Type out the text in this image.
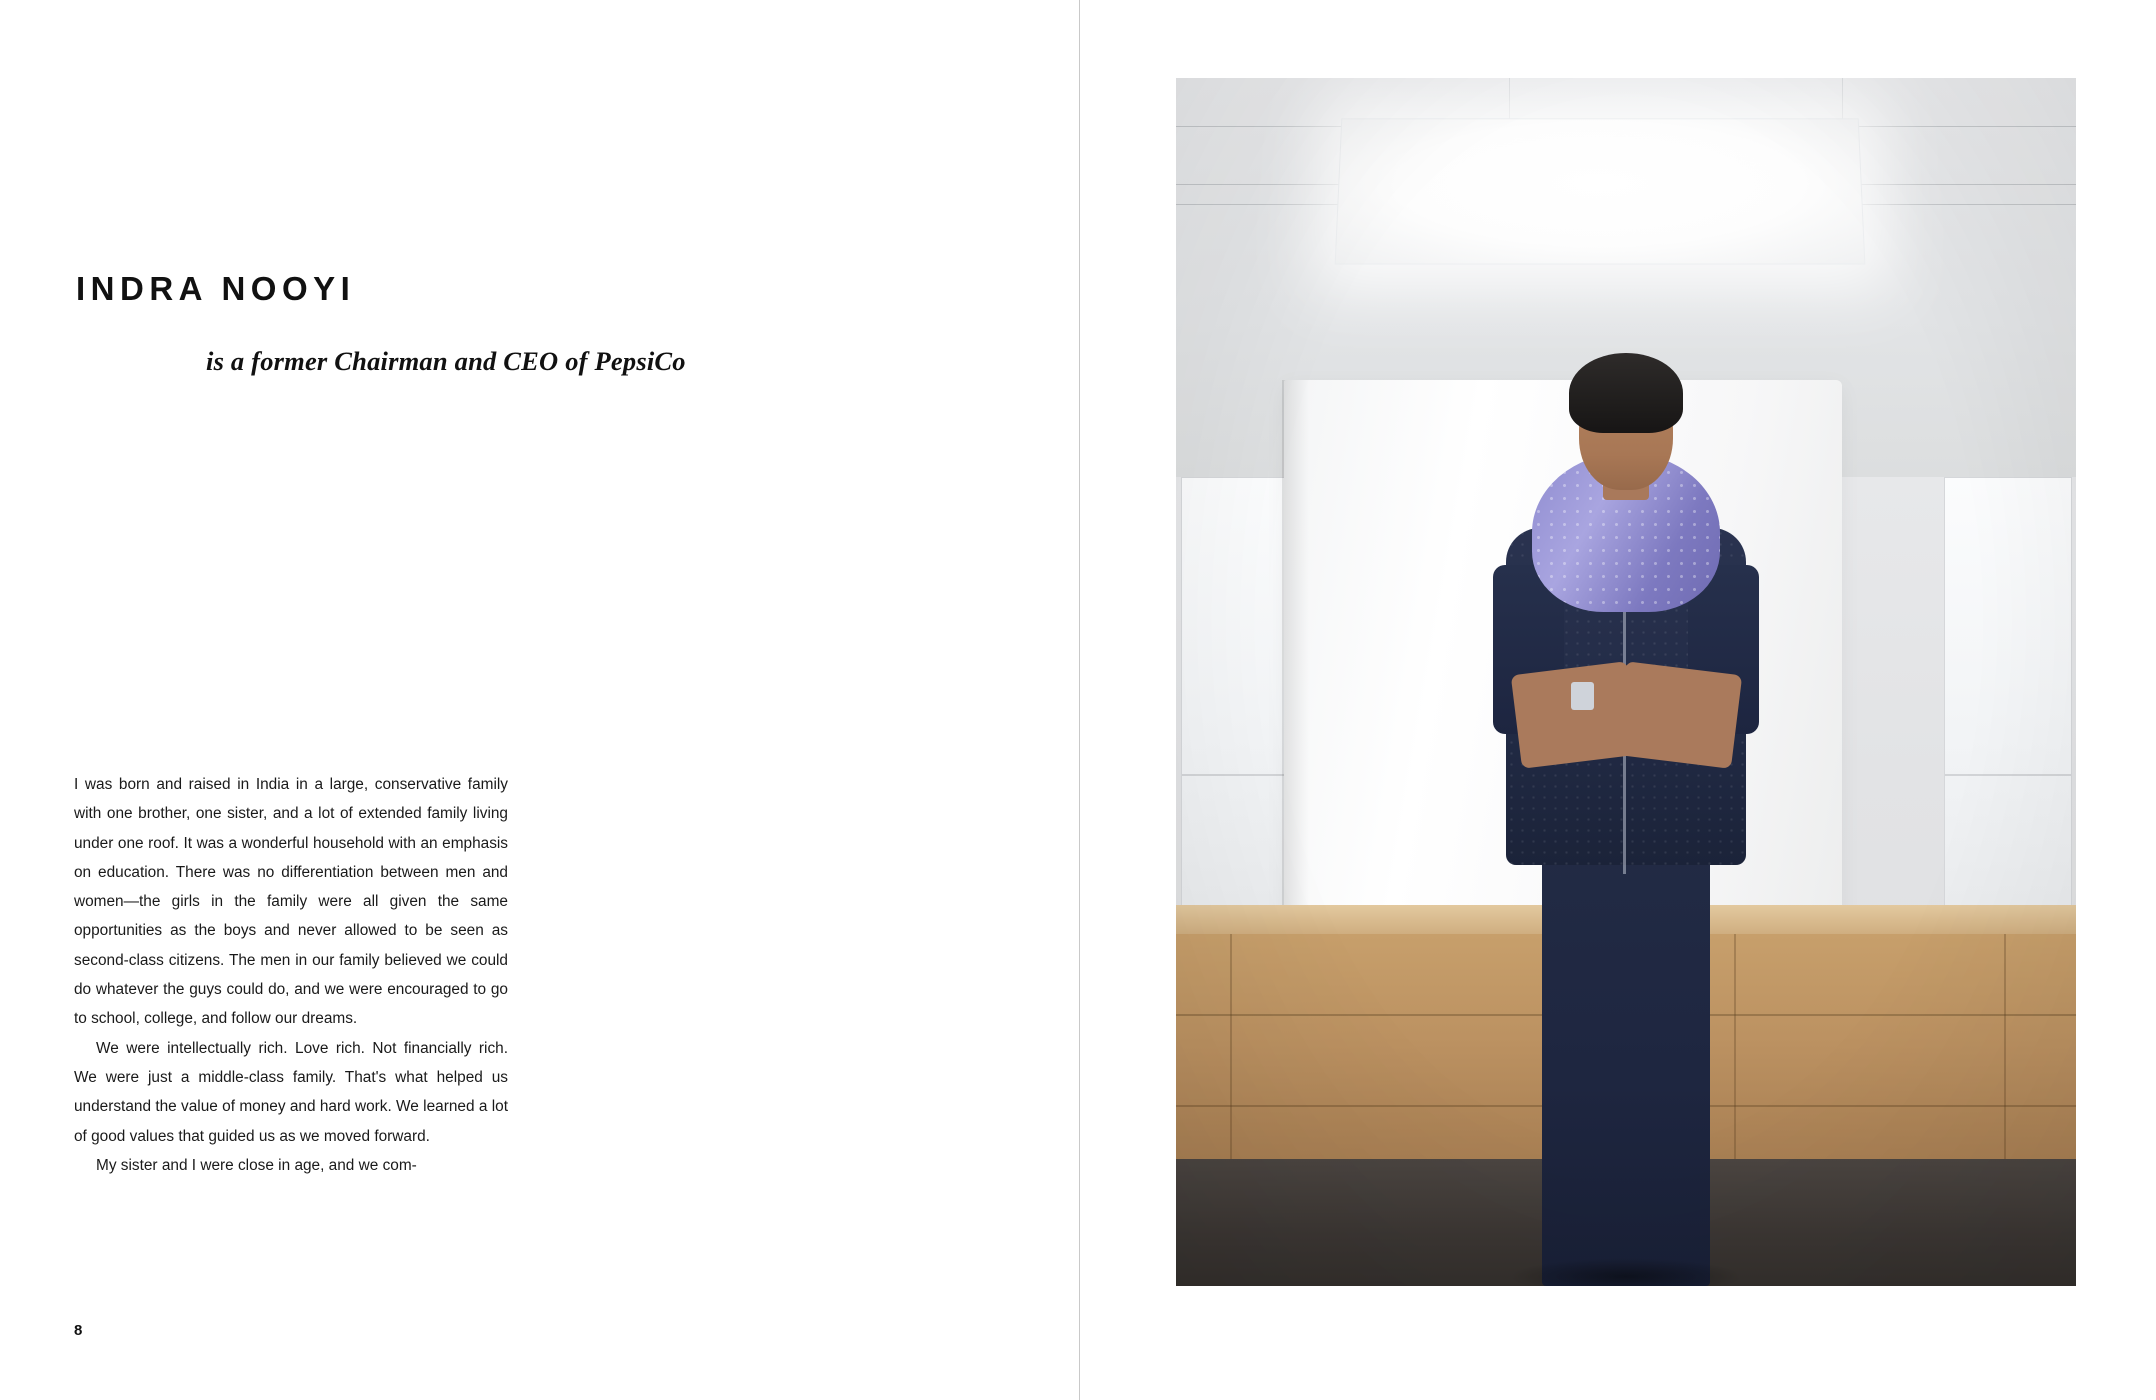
INDRA NOOYI
is a former Chairman and CEO of PepsiCo

I was born and raised in India in a large, conservative family with one brother, one sister, and a lot of extended family living under one roof. It was a wonderful household with an emphasis on education. There was no differentiation between men and women—the girls in the family were all given the same opportunities as the boys and never allowed to be seen as second-class citizens. The men in our family believed we could do whatever the guys could do, and we were encouraged to go to school, college, and follow our dreams.

We were intellectually rich. Love rich. Not financially rich. We were just a middle-class family. That's what helped us understand the value of money and hard work. We learned a lot of good values that guided us as we moved forward.

My sister and I were close in age, and we com-

8
